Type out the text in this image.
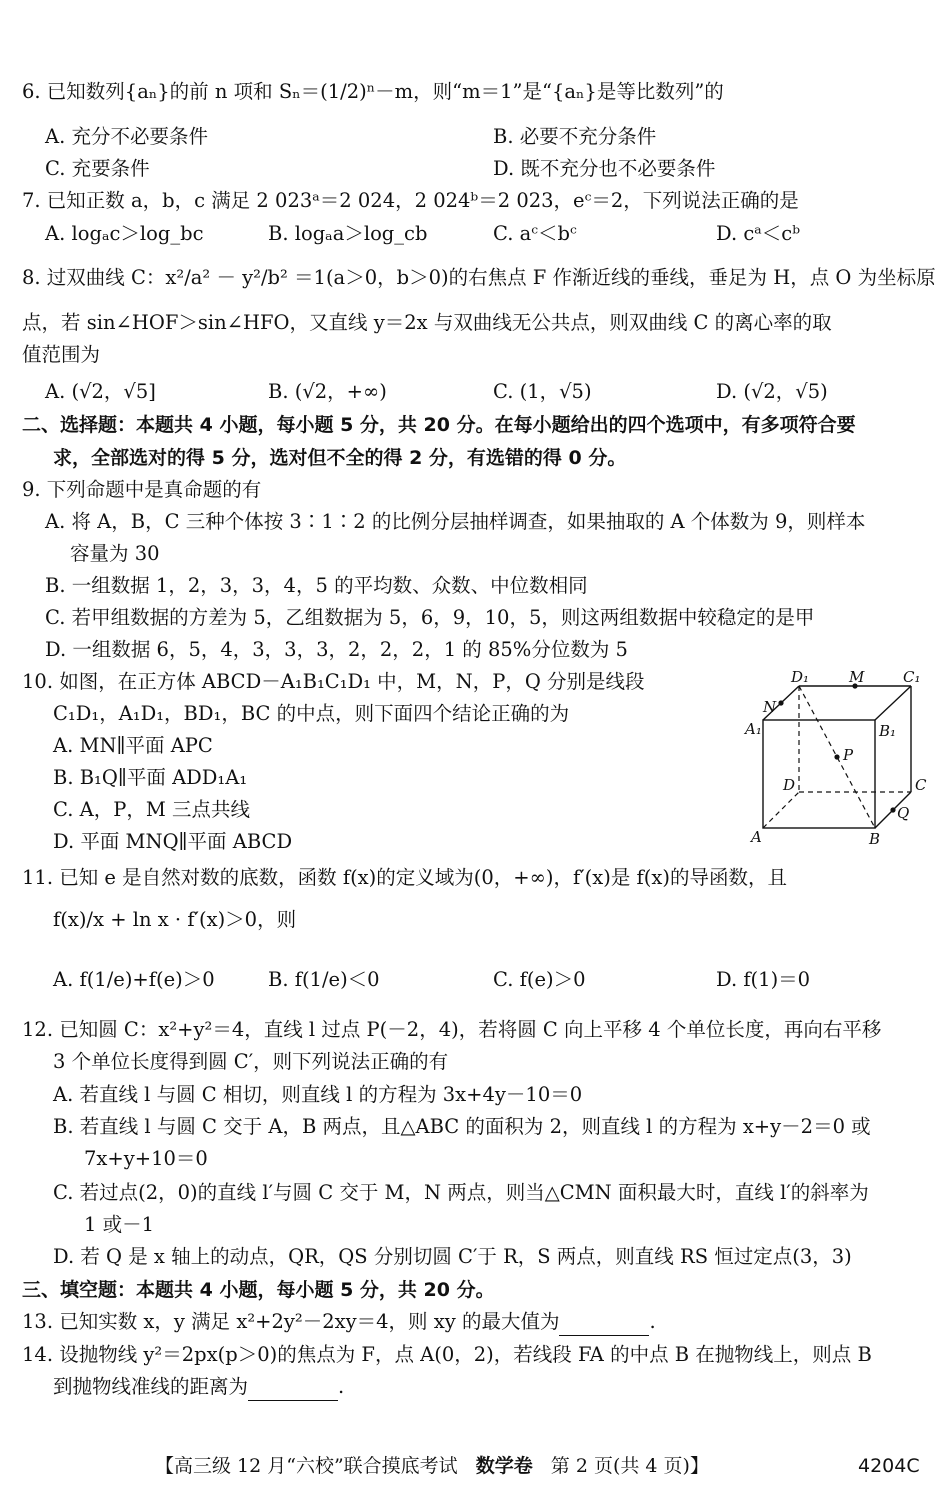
6. 已知数列{aₙ}的前 n 项和 Sₙ＝(1/2)ⁿ－m，则“m＝1”是“{aₙ}是等比数列”的
A. 充分不必要条件	B. 必要不充分条件
C. 充要条件	D. 既不充分也不必要条件
7. 已知正数 a，b，c 满足 2 023ᵃ＝2 024，2 024ᵇ＝2 023，eᶜ＝2，下列说法正确的是
A. logₐc＞log_bc	B. logₐa＞log_cb	C. aᶜ＜bᶜ	D. cᵃ＜cᵇ
8. 过双曲线 C：x²/a² － y²/b² ＝1(a＞0，b＞0)的右焦点 F 作渐近线的垂线，垂足为 H，点 O 为坐标原
点，若 sin∠HOF＞sin∠HFO，又直线 y＝2x 与双曲线无公共点，则双曲线 C 的离心率的取
值范围为
A. (√2，√5]	B. (√2，+∞)	C. (1，√5)	D. (√2，√5)
二、选择题：本题共 4 小题，每小题 5 分，共 20 分。在每小题给出的四个选项中，有多项符合要
求，全部选对的得 5 分，选对但不全的得 2 分，有选错的得 0 分。
9. 下列命题中是真命题的有
A. 将 A，B，C 三种个体按 3∶1∶2 的比例分层抽样调查，如果抽取的 A 个体数为 9，则样本
容量为 30
B. 一组数据 1，2，3，3，4，5 的平均数、众数、中位数相同
C. 若甲组数据的方差为 5，乙组数据为 5，6，9，10，5，则这两组数据中较稳定的是甲
D. 一组数据 6，5，4，3，3，3，2，2，2，1 的 85%分位数为 5
10. 如图，在正方体 ABCD－A₁B₁C₁D₁ 中，M，N，P，Q 分别是线段
C₁D₁，A₁D₁，BD₁，BC 的中点，则下面四个结论正确的为
A. MN∥平面 APC
B. B₁Q∥平面 ADD₁A₁
C. A，P，M 三点共线
D. 平面 MNQ∥平面 ABCD
D₁	M	C₁
N
A₁	B₁
P
D	C
Q
A	B
11. 已知 e 是自然对数的底数，函数 f(x)的定义域为(0，+∞)，f′(x)是 f(x)的导函数，且
f(x)/x + ln x · f′(x)＞0，则
A. f(1/e)+f(e)＞0	B. f(1/e)＜0	C. f(e)＞0	D. f(1)＝0
12. 已知圆 C：x²+y²＝4，直线 l 过点 P(－2，4)，若将圆 C 向上平移 4 个单位长度，再向右平移
3 个单位长度得到圆 C′，则下列说法正确的有
A. 若直线 l 与圆 C 相切，则直线 l 的方程为 3x+4y－10＝0
B. 若直线 l 与圆 C 交于 A，B 两点，且△ABC 的面积为 2，则直线 l 的方程为 x+y－2＝0 或
7x+y+10＝0
C. 若过点(2，0)的直线 l′与圆 C 交于 M，N 两点，则当△CMN 面积最大时，直线 l′的斜率为
1 或－1
D. 若 Q 是 x 轴上的动点，QR，QS 分别切圆 C′于 R，S 两点，则直线 RS 恒过定点(3，3)
三、填空题：本题共 4 小题，每小题 5 分，共 20 分。
13. 已知实数 x，y 满足 x²+2y²－2xy＝4，则 xy 的最大值为	.
14. 设抛物线 y²＝2px(p＞0)的焦点为 F，点 A(0，2)，若线段 FA 的中点 B 在抛物线上，则点 B
到抛物线准线的距离为	.
【高三级 12 月“六校”联合摸底考试 数学卷 第 2 页(共 4 页)】	4204C
